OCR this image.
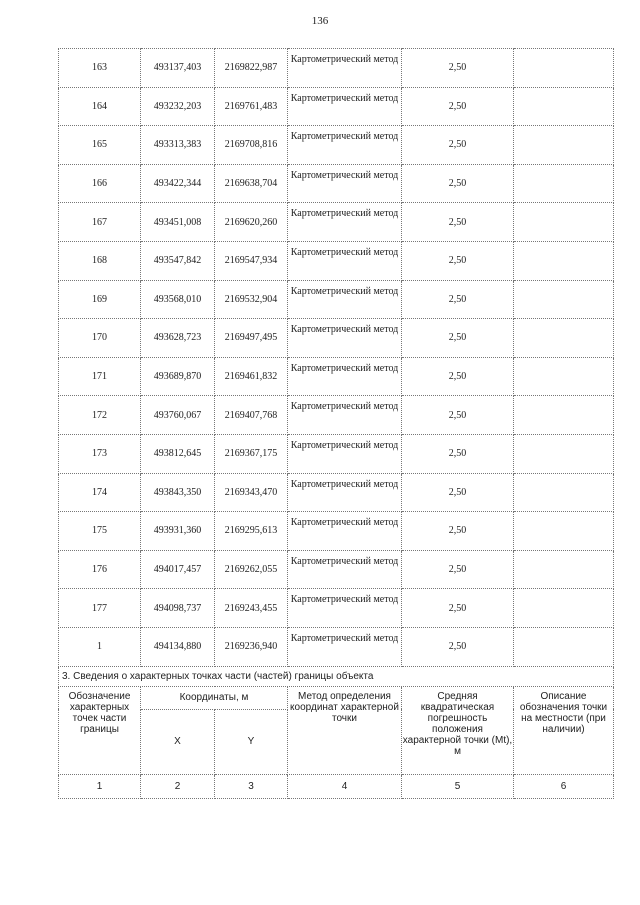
136
163	493137,403	2169822,987	Картометрический метод	2,50	
164	493232,203	2169761,483	Картометрический метод	2,50	
165	493313,383	2169708,816	Картометрический метод	2,50	
166	493422,344	2169638,704	Картометрический метод	2,50	
167	493451,008	2169620,260	Картометрический метод	2,50	
168	493547,842	2169547,934	Картометрический метод	2,50	
169	493568,010	2169532,904	Картометрический метод	2,50	
170	493628,723	2169497,495	Картометрический метод	2,50	
171	493689,870	2169461,832	Картометрический метод	2,50	
172	493760,067	2169407,768	Картометрический метод	2,50	
173	493812,645	2169367,175	Картометрический метод	2,50	
174	493843,350	2169343,470	Картометрический метод	2,50	
175	493931,360	2169295,613	Картометрический метод	2,50	
176	494017,457	2169262,055	Картометрический метод	2,50	
177	494098,737	2169243,455	Картометрический метод	2,50	
1	494134,880	2169236,940	Картометрический метод	2,50	
3. Сведения о характерных точках части (частей) границы объекта					
Обозначение характерных точек части границы	Координаты, м		Метод определения координат характерной точки	Средняя квадратическая погрешность положения характерной точки (Mt), м	Описание обозначения точки на местности (при наличии)
	X	Y			
1	2	3	4	5	6
